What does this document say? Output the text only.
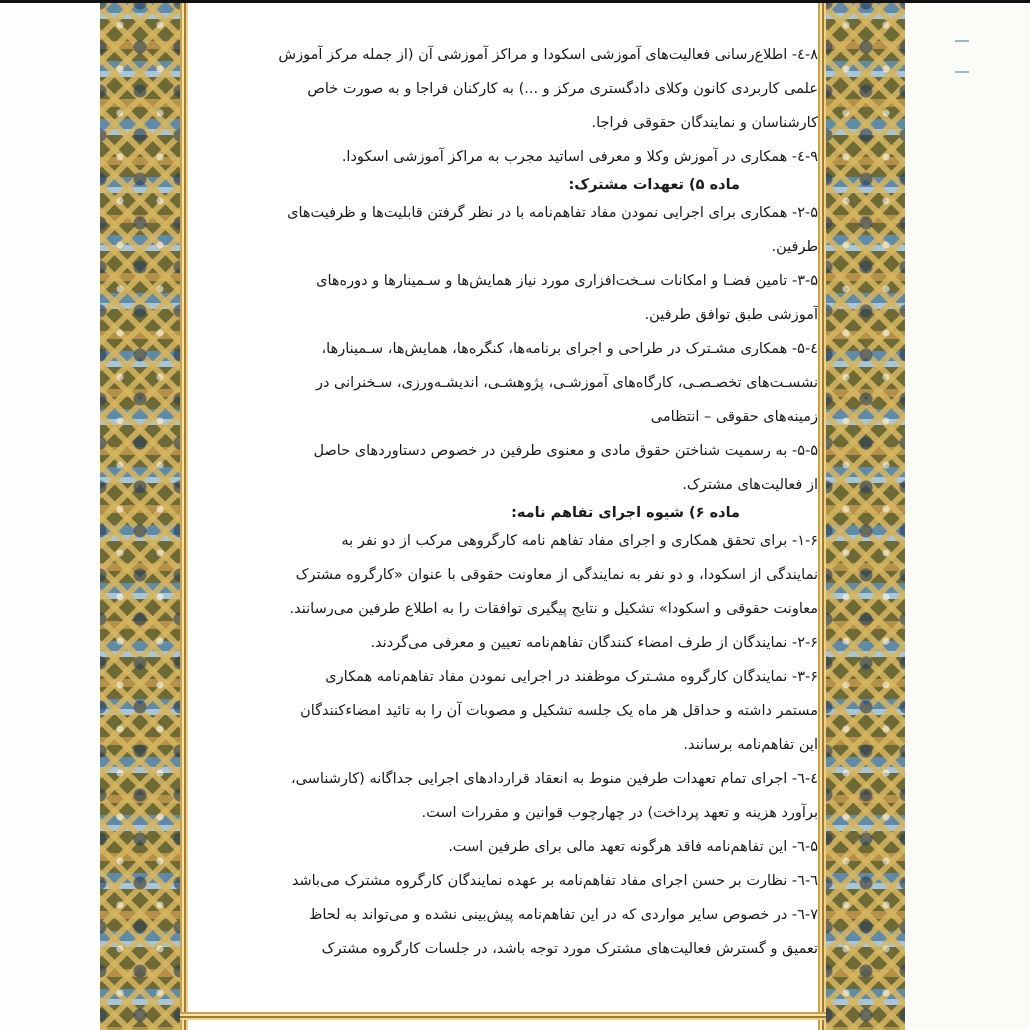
۸-٤- اطلاع‌رسانی فعالیت‌های آموزشی اسکودا و مراکز آموزشی آن (از جمله مرکز آموزش
علمی کاربردی کانون وکلای دادگستری مرکز و ...) به کارکنان فراجا و به صورت خاص
کارشناسان و نمایندگان حقوقی فراجا.
۹-٤- همکاری در آموزش وکلا و معرفی اساتید مجرب به مراکز آموزشی اسکودا.
ماده ۵) تعهدات مشترک:
۲-۵- همکاری برای اجرایی نمودن مفاد تفاهم‌نامه با در نظر گرفتن قابلیت‌ها و ظرفیت‌های
طرفین.
۳-۵- تامین فضـا و امکانات سـخت‌افزاری مورد نیاز همایش‌ها و سـمینارها و دوره‌های
آموزشی طبق توافق طرفین.
٤-۵- همکاری مشـترک در طراحی و اجرای برنامه‌ها، کنگره‌ها، همایش‌ها، سـمینارها،
نشسـت‌های تخصـصـی، کارگاه‌های آموزشـی، پژوهشـی، اندیشـه‌ورزی، سـخنرانی در
زمینه‌های حقوقی – انتظامی
۵-۵- به رسمیت شناختن حقوق مادی و معنوی طرفین در خصوص دستاوردهای حاصل
از فعالیت‌های مشترک.
ماده ۶) شیوه اجرای تفاهم نامه:
۱-۶- برای تحقق همکاری و اجرای مفاد تفاهم نامه کارگروهی مرکب از دو نفر به
نمایندگی از اسکودا، و دو نفر به نمایندگی از معاونت حقوقی با عنوان «کارگروه مشترک
معاونت حقوقی و اسکودا» تشکیل و نتایج پیگیری توافقات را به اطلاع طرفین می‌رسانند.
۲-۶- نمایندگان از طرف امضاء کنندگان تفاهم‌نامه تعیین و معرفی می‌گردند.
۳-۶- نمایندگان کارگروه مشـترک موظفند در اجرایی نمودن مفاد تفاهم‌نامه همکاری
مستمر داشته و حداقل هر ماه یک جلسه تشکیل و مصوبات آن را به تائید امضاءکنندگان
این تفاهم‌نامه برسانند.
٤-٦- اجرای تمام تعهدات طرفین منوط به انعقاد قراردادهای اجرایی جداگانه (کارشناسی،
برآورد هزینه و تعهد پرداخت) در چهارچوب قوانین و مقررات است.
۵-٦- این تفاهم‌نامه فاقد هرگونه تعهد مالی برای طرفین است.
٦-٦- نظارت بر حسن اجرای مفاد تفاهم‌نامه بر عهده نمایندگان کارگروه مشترک می‌باشد
۷-٦- در خصوص سایر مواردی که در این تفاهم‌نامه پیش‌بینی نشده و می‌تواند به لحاظ
تعمیق و گسترش فعالیت‌های مشترک مورد توجه باشد، در جلسات کارگروه مشترک
